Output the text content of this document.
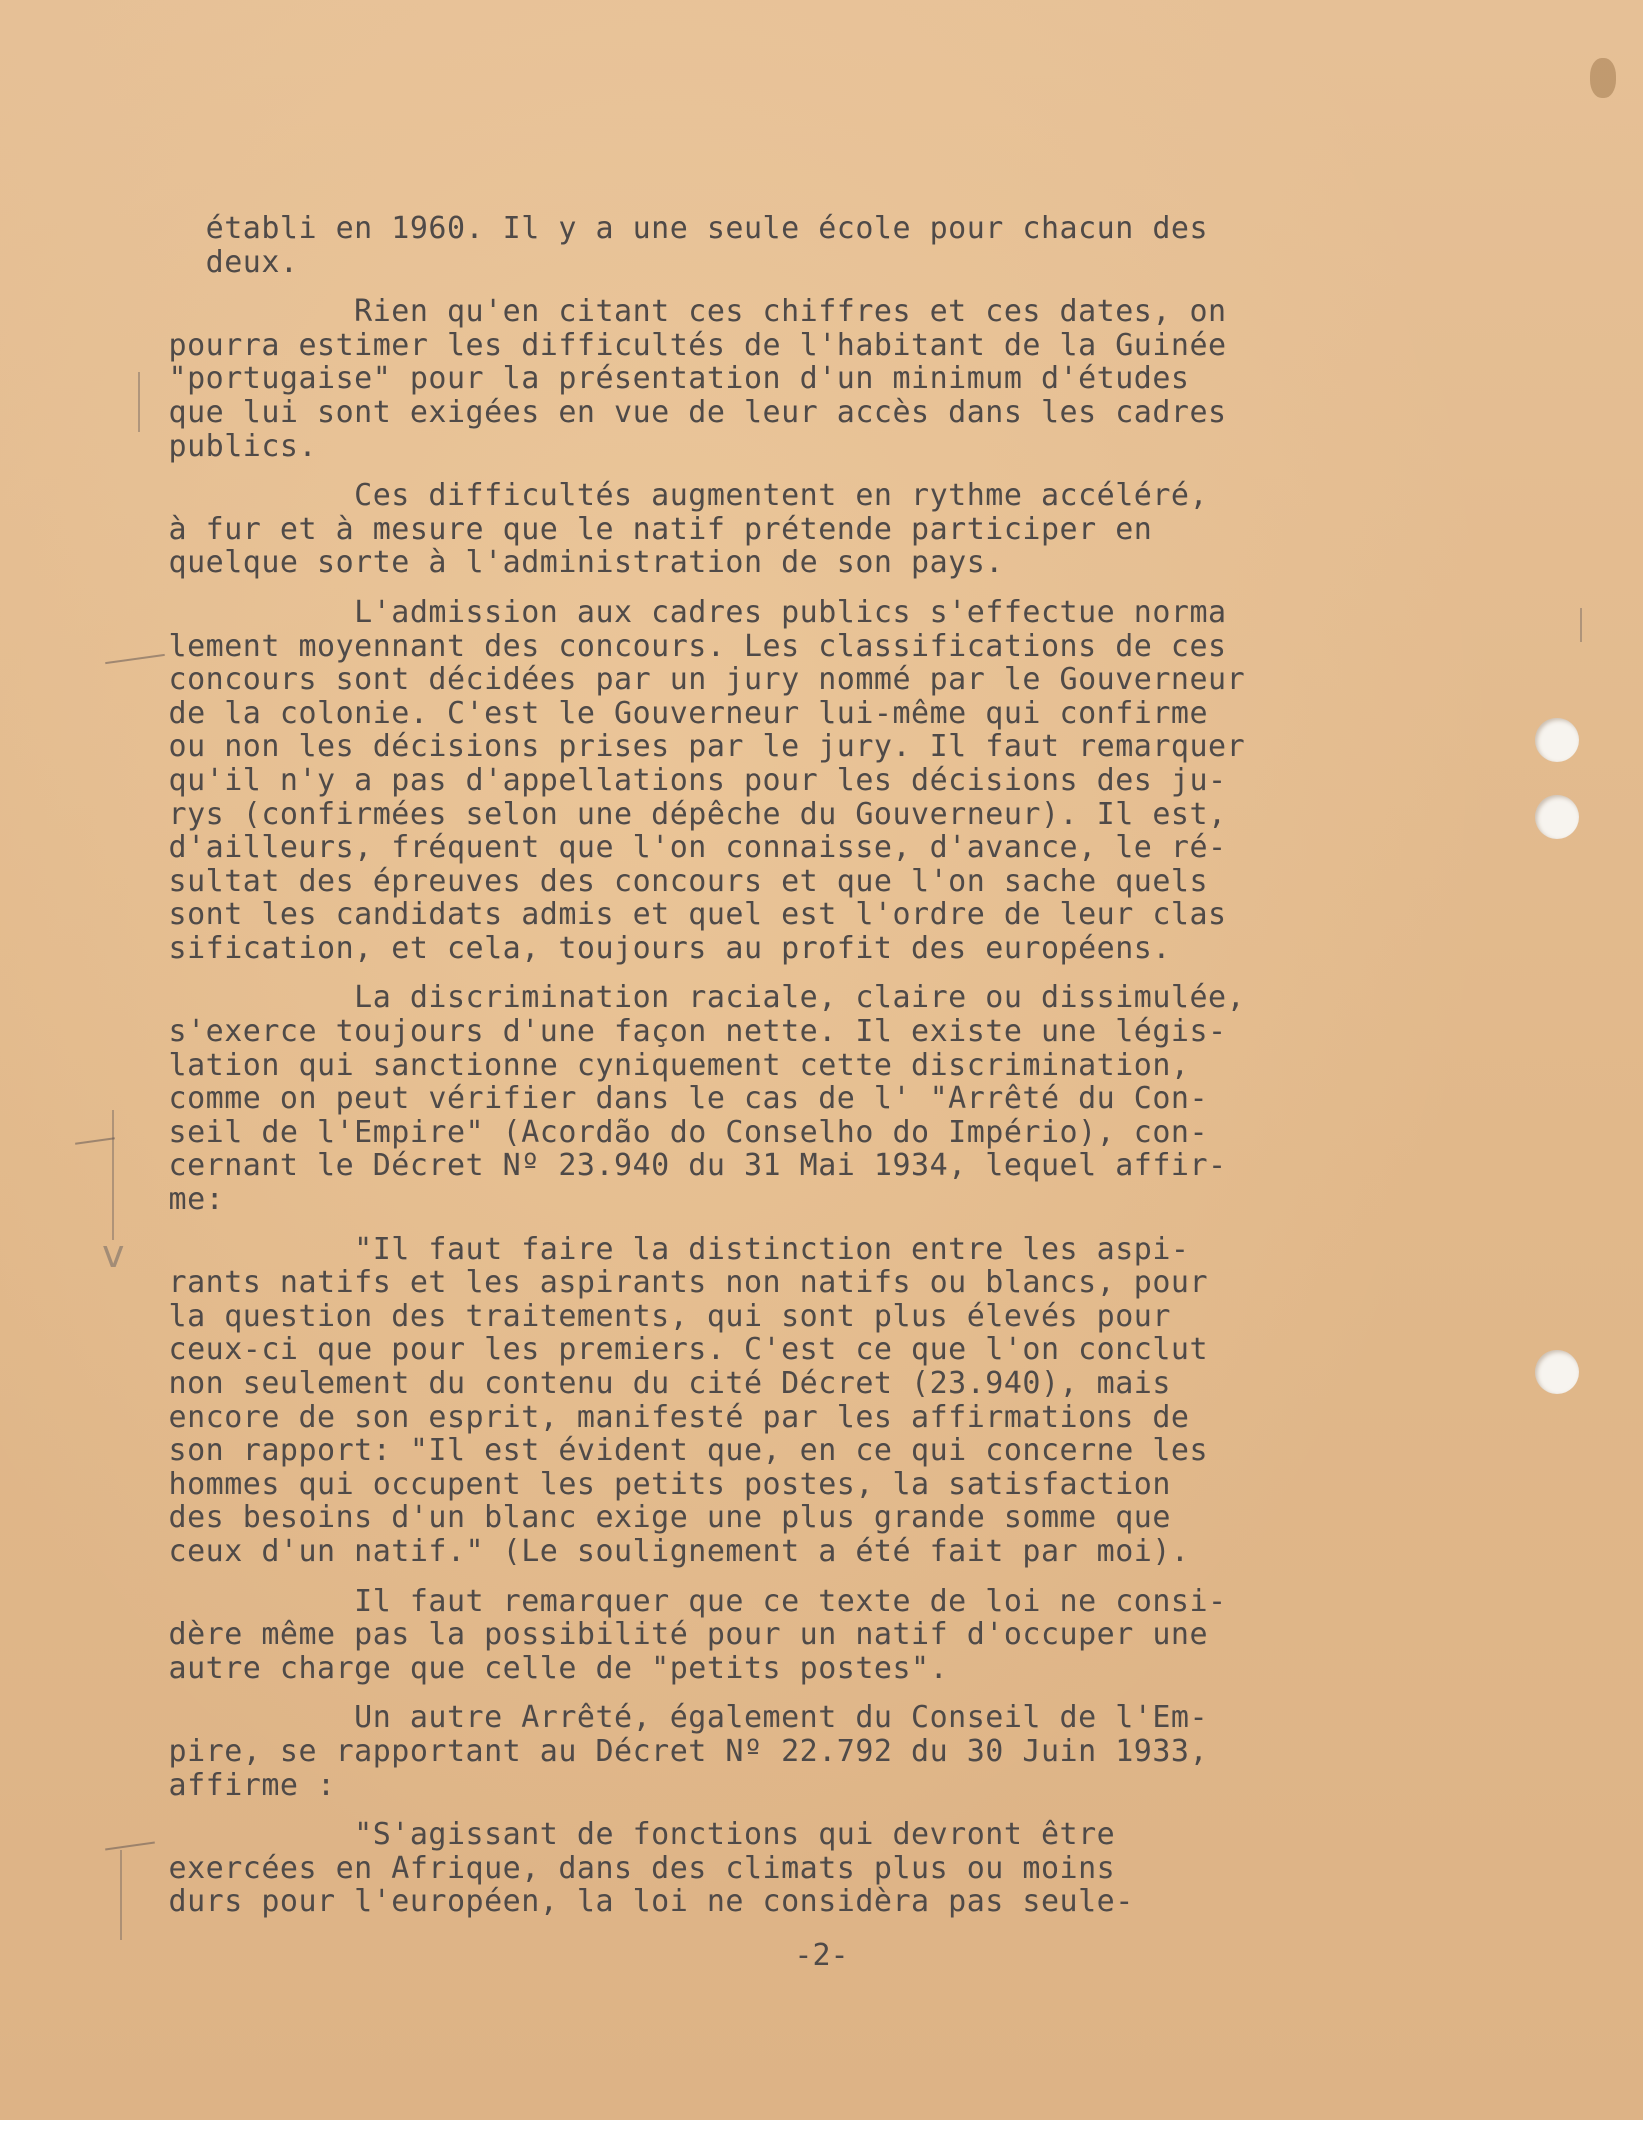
v
établi en 1960. Il y a une seule école pour chacun des
deux.
Rien qu'en citant ces chiffres et ces dates, on
pourra estimer les difficultés de l'habitant de la Guinée
"portugaise" pour la présentation d'un minimum d'études
que lui sont exigées en vue de leur accès dans les cadres
publics.
Ces difficultés augmentent en rythme accéléré,
à fur et à mesure que le natif prétende participer en
quelque sorte à l'administration de son pays.
L'admission aux cadres publics s'effectue norma
lement moyennant des concours. Les classifications de ces
concours sont décidées par un jury nommé par le Gouverneur
de la colonie. C'est le Gouverneur lui-même qui confirme
ou non les décisions prises par le jury. Il faut remarquer
qu'il n'y a pas d'appellations pour les décisions des ju-
rys (confirmées selon une dépêche du Gouverneur). Il est,
d'ailleurs, fréquent que l'on connaisse, d'avance, le ré-
sultat des épreuves des concours et que l'on sache quels
sont les candidats admis et quel est l'ordre de leur clas
sification, et cela, toujours au profit des européens.
La discrimination raciale, claire ou dissimulée,
s'exerce toujours d'une façon nette. Il existe une légis-
lation qui sanctionne cyniquement cette discrimination,
comme on peut vérifier dans le cas de l' "Arrêté du Con-
seil de l'Empire" (Acordão do Conselho do Império), con-
cernant le Décret Nº 23.940 du 31 Mai 1934, lequel affir-
me:
"Il faut faire la distinction entre les aspi-
rants natifs et les aspirants non natifs ou blancs, pour
la question des traitements, qui sont plus élevés pour
ceux-ci que pour les premiers. C'est ce que l'on conclut
non seulement du contenu du cité Décret (23.940), mais
encore de son esprit, manifesté par les affirmations de
son rapport: "Il est évident que, en ce qui concerne les
hommes qui occupent les petits postes, la satisfaction
des besoins d'un blanc exige une plus grande somme que
ceux d'un natif." (Le soulignement a été fait par moi).
Il faut remarquer que ce texte de loi ne consi-
dère même pas la possibilité pour un natif d'occuper une
autre charge que celle de "petits postes".
Un autre Arrêté, également du Conseil de l'Em-
pire, se rapportant au Décret Nº 22.792 du 30 Juin 1933,
affirme :
"S'agissant de fonctions qui devront être
exercées en Afrique, dans des climats plus ou moins
durs pour l'européen, la loi ne considèra pas seule-
-2-
